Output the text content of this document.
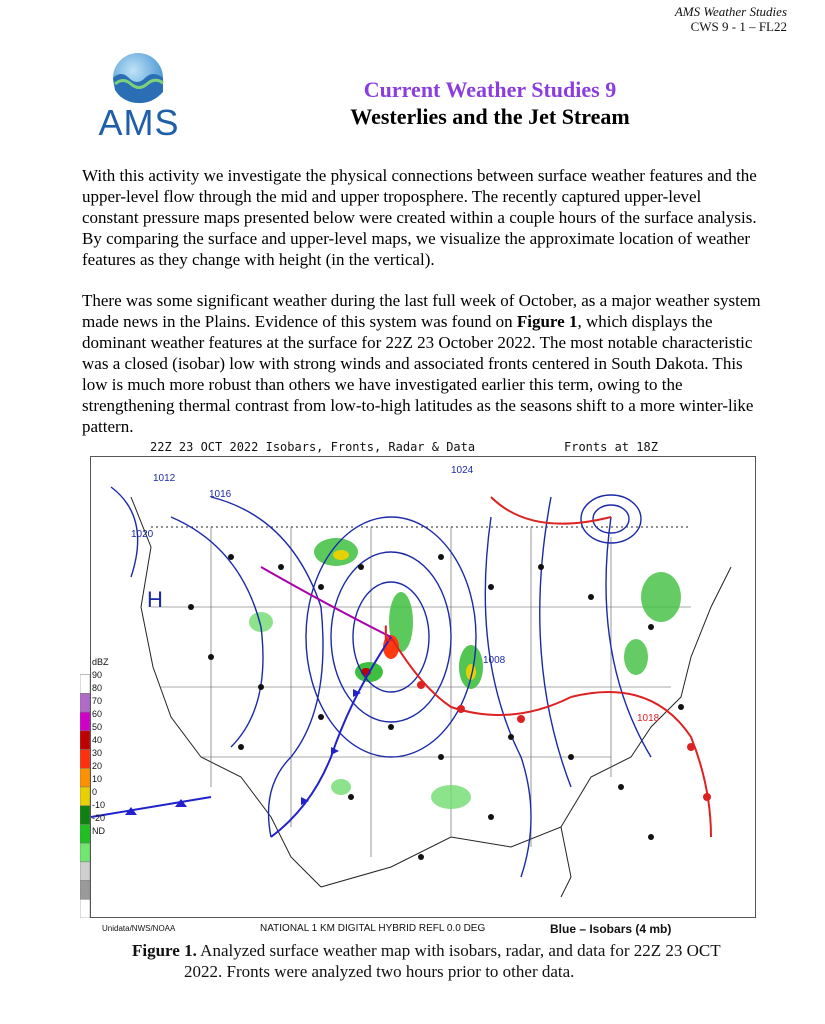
AMS Weather Studies
CWS 9 - 1 – FL22
AMS
Current Weather Studies 9
Westerlies and the Jet Stream

With this activity we investigate the physical connections between surface weather features and the upper-level flow through the mid and upper troposphere. The recently captured upper-level constant pressure maps presented below were created within a couple hours of the surface analysis. By comparing the surface and upper-level maps, we visualize the approximate location of weather features as they change with height (in the vertical).

There was some significant weather during the last full week of October, as a major weather system made news in the Plains. Evidence of this system was found on Figure 1, which displays the dominant weather features at the surface for 22Z 23 October 2022. The most notable characteristic was a closed (isobar) low with strong winds and associated fronts centered in South Dakota. This low is much more robust than others we have investigated earlier this term, owing to the strengthening thermal contrast from low-to-high latitudes as the seasons shift to a more winter-like pattern.

22Z 23 OCT 2022 Isobars, Fronts, Radar & Data	Fronts at 18Z
H
L
1016
1012
1020
1024
1008
1018
dBZ
90
80
70
60
50
40
30
20
10
0
-10
-20
ND
Unidata/NWS/NOAA	NATIONAL 1 KM DIGITAL HYBRID REFL 0.0 DEG	Blue – Isobars (4 mb)

Figure 1. Analyzed surface weather map with isobars, radar, and data for 22Z 23 OCT
2022. Fronts were analyzed two hours prior to other data.
